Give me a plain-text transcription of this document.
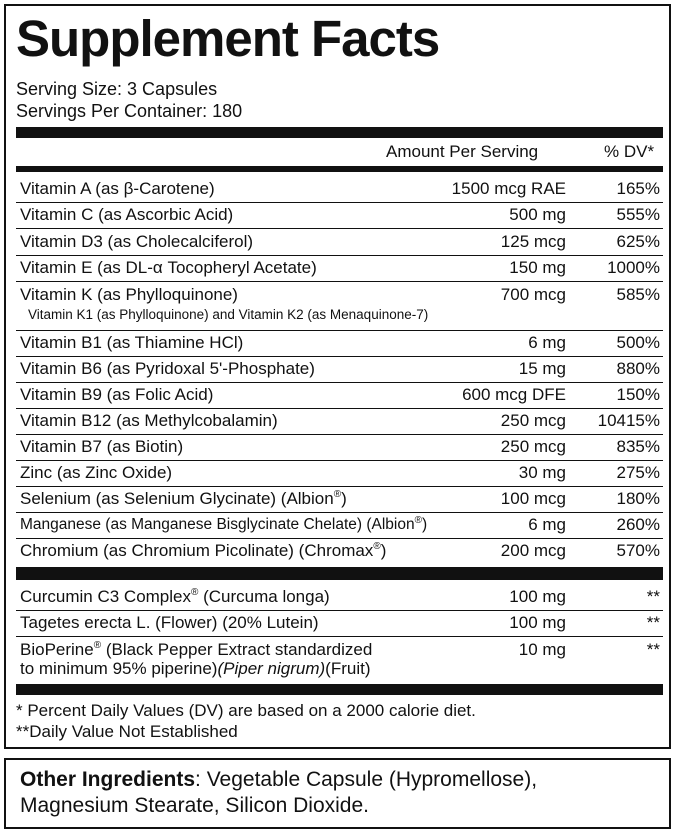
Supplement Facts

Serving Size: 3 Capsules

Servings Per Container: 180

Amount Per Serving	% DV*
Vitamin A (as β-Carotene)	1500 mcg RAE	165%
Vitamin C (as Ascorbic Acid)	500 mg	555%
Vitamin D3 (as Cholecalciferol)	125 mcg	625%
Vitamin E (as DL-α Tocopheryl Acetate)	150 mg 1000%
Vitamin K (as Phylloquinone)	700 mcg	585%
Vitamin K1 (as Phylloquinone) and Vitamin K2 (as Menaquinone-7)
Vitamin B1 (as Thiamine HCl)	6 mg	500%
Vitamin B6 (as Pyridoxal 5'-Phosphate)	15 mg	880%
Vitamin B9 (as Folic Acid)	600 mcg DFE	150%
Vitamin B12 (as Methylcobalamin)	250 mcg 10415%
Vitamin B7 (as Biotin)	250 mcg	835%
Zinc (as Zinc Oxide)	30 mg	275%
Selenium (as Selenium Glycinate) (Albion®)	100 mcg	180%
Manganese (as Manganese Bisglycinate Chelate) (Albion®)	6 mg	260%
Chromium (as Chromium Picolinate) (Chromax®)	200 mcg	570%
Curcumin C3 Complex® (Curcuma longa)	100 mg	**
Tagetes erecta L. (Flower) (20% Lutein)	100 mg	**
BioPerine® (Black Pepper Extract standardized
to minimum 95% piperine)(Piper nigrum)(Fruit)
10 mg	**
* Percent Daily Values (DV) are based on a 2000 calorie diet.
**Daily Value Not Established

Other Ingredients: Vegetable Capsule (Hypromellose),

Magnesium Stearate, Silicon Dioxide.
